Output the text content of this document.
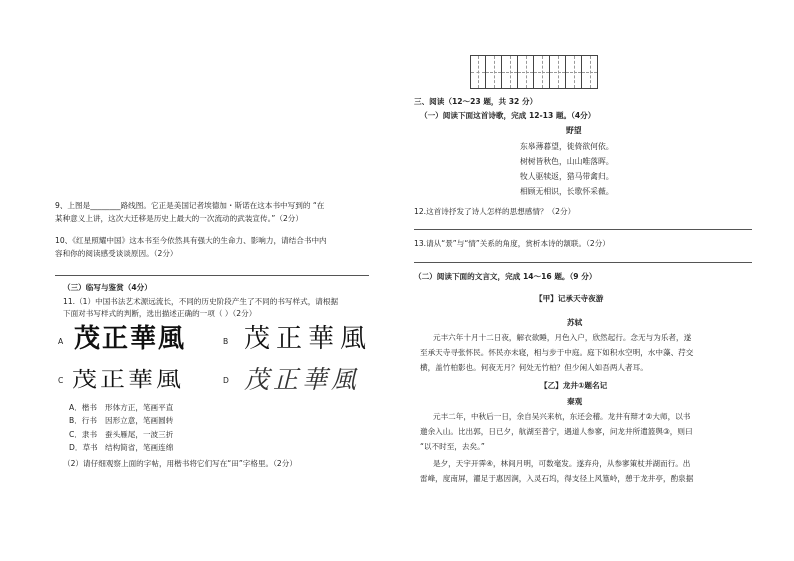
9、上图是________路线图。它正是美国记者埃德加・斯诺在这本书中写到的 “在
某种意义上讲，这次大迁移是历史上最大的一次流动的武装宣传。”（2分）
10、《红星照耀中国》这本书至今依然具有强大的生命力、影响力，请结合书中内
容和你的阅读感受谈谈原因。（2分）
（三）临写与鉴赏（4分）
11.（1）中国书法艺术源远流长，不同的历史阶段产生了不同的书写样式，请根据
下面对书写样式的判断，选出描述正确的一项（ ）（2分）
A 茂正華風	B 茂正華風
C 茂正華風	D 茂正華風
A．楷书 形体方正，笔画平直
B．行书 因形立意，笔画圆转
C．隶书 蚕头雁尾，一波三折
D．草书 结构简省，笔画连绵
（2）请仔细观察上面的字帖，用楷书将它们写在“田”字格里。（2分）
三、阅读（12～23 题，共 32 分）
（一）阅读下面这首诗歌，完成 12-13 题。（4分）
野望
东皋薄暮望，徙倚欲何依。
树树皆秋色，山山唯落晖。
牧人驱犊返，猎马带禽归。
相顾无相识，长歌怀采薇。
12.这首诗抒发了诗人怎样的思想感情？（2分）
13.请从“景”与“情”关系的角度，赏析本诗的颔联。（2分）
（二）阅读下面的文言文，完成 14～16 题。（9 分）
【甲】记承天寺夜游
苏轼
元丰六年十月十二日夜，解衣欲睡，月色入户，欣然起行。念无与为乐者，遂
至承天寺寻张怀民。怀民亦未寝，相与步于中庭。庭下如积水空明，水中藻、荇交
横，盖竹柏影也。何夜无月？何处无竹柏？但少闲人如吾两人者耳。
【乙】龙井①题名记
秦观
元丰二年，中秋后一日，余自吴兴来杭，东还会稽。龙井有辩才②大师，以书
邀余入山。比出郭，日已夕，航湖至普宁，遇道人参寥，问龙井所遣篮舆③，则曰
“以不时至，去矣。”
是夕，天宇开霁④，林间月明，可数毫发。遂弃舟，从参寥策杖并湖而行。出
雷峰，度南屏，濯足于惠因涧，入灵石坞，得支径上风篁岭，憩于龙井亭，酌泉据
